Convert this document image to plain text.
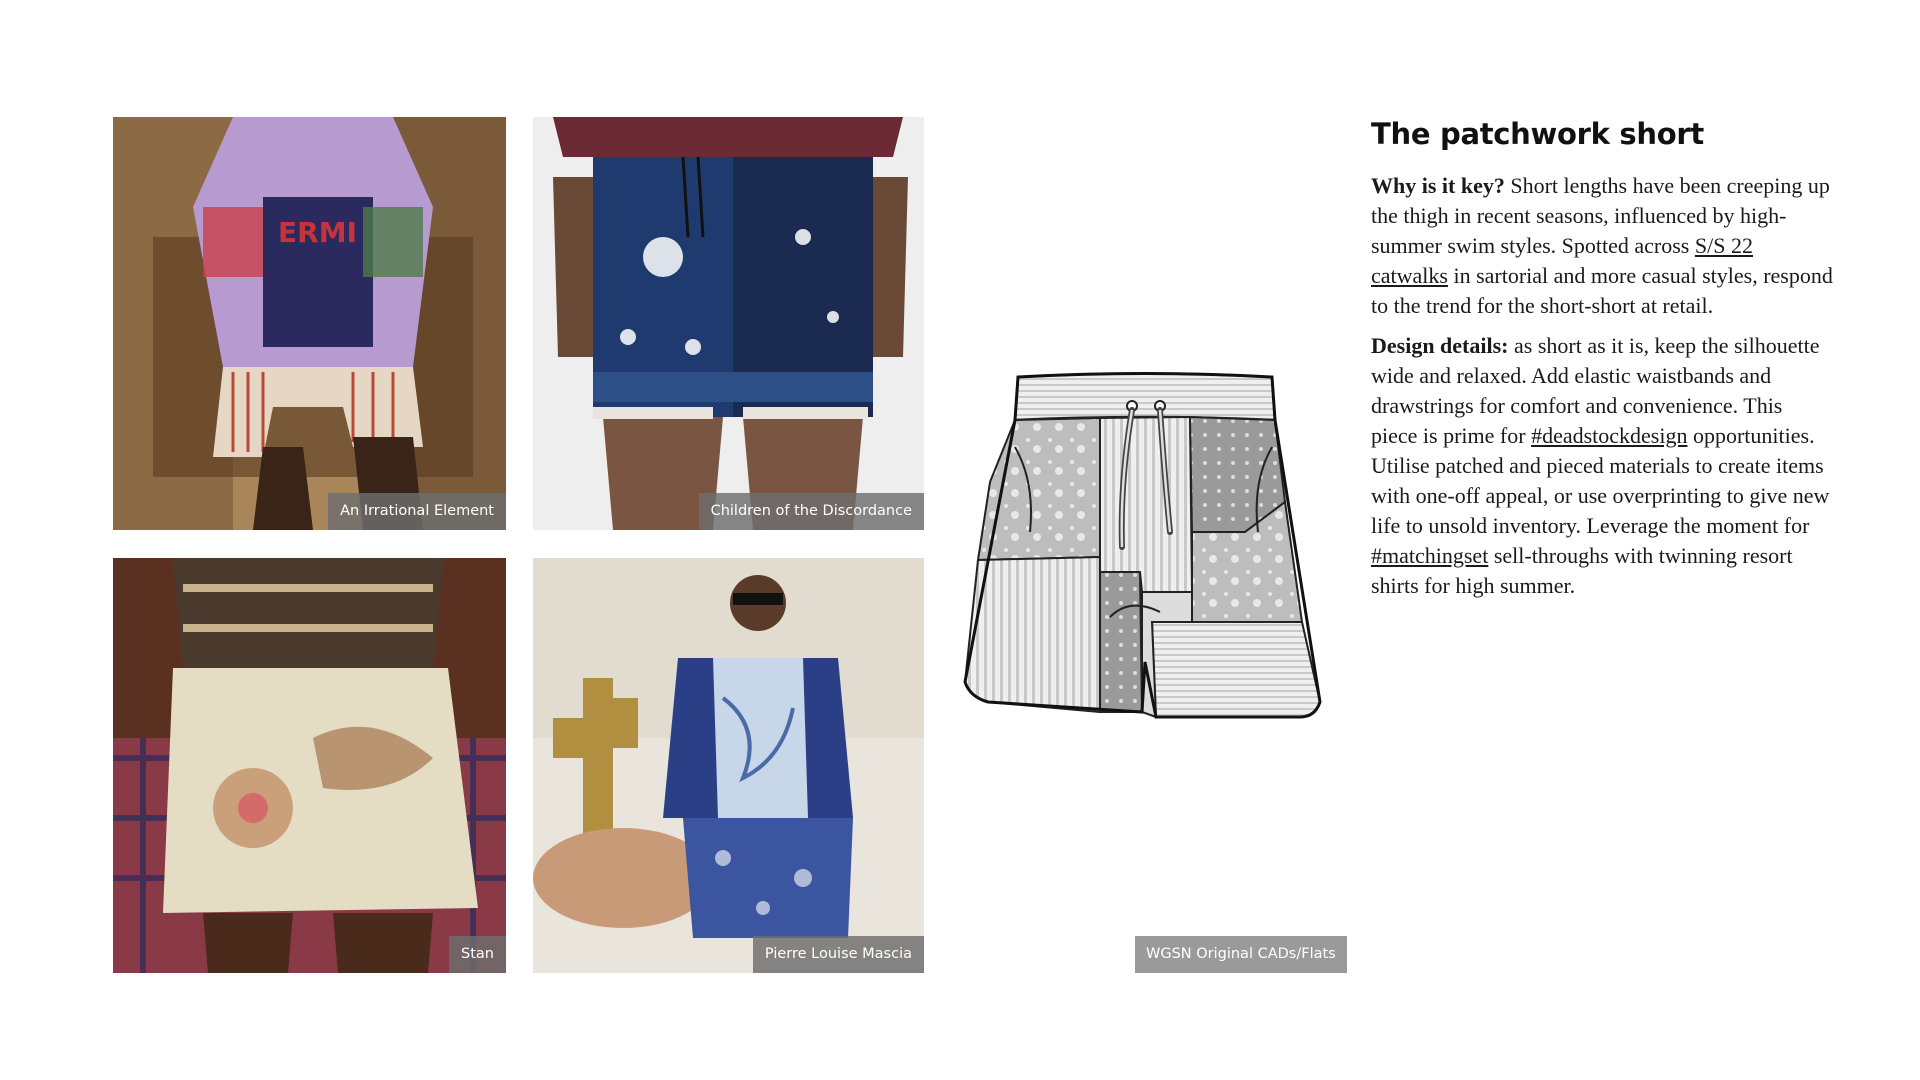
ERMI
An Irrational Element	Children of the Discordance
Stan	Pierre Louise Mascia	WGSN Original CADs/Flats
The patchwork short

Why is it key? Short lengths have been creeping up the thigh in recent seasons, influenced by high-summer swim styles. Spotted across S/S 22 catwalks in sartorial and more casual styles, respond to the trend for the short-short at retail.

Design details: as short as it is, keep the silhouette wide and relaxed. Add elastic waistbands and drawstrings for comfort and convenience. This piece is prime for #deadstockdesign opportunities. Utilise patched and pieced materials to create items with one-off appeal, or use overprinting to give new life to unsold inventory. Leverage the moment for #matchingset sell-throughs with twinning resort shirts for high summer.
